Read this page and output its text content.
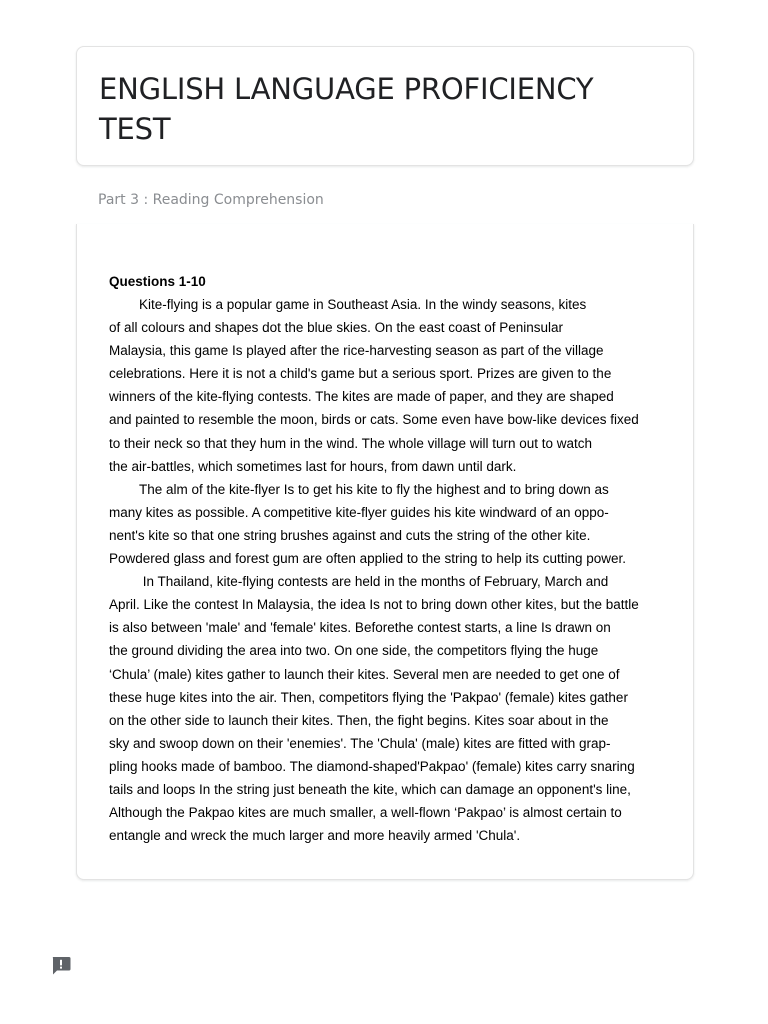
ENGLISH LANGUAGE PROFICIENCY TEST
Part 3 : Reading Comprehension
Questions 1-10
Kite-flying is a popular game in Southeast Asia. In the windy seasons, kites
of all colours and shapes dot the blue skies. On the east coast of Peninsular
Malaysia, this game Is played after the rice-harvesting season as part of the village
celebrations. Here it is not a child's game but a serious sport. Prizes are given to the
winners of the kite-flying contests. The kites are made of paper, and they are shaped
and painted to resemble the moon, birds or cats. Some even have bow-like devices fixed
to their neck so that they hum in the wind. The whole village will turn out to watch
the air-battles, which sometimes last for hours, from dawn until dark.
The alm of the kite-flyer Is to get his kite to fly the highest and to bring down as
many kites as possible. A competitive kite-flyer guides his kite windward of an oppo-
nent's kite so that one string brushes against and cuts the string of the other kite.
Powdered glass and forest gum are often applied to the string to help its cutting power.
In Thailand, kite-flying contests are held in the months of February, March and
April. Like the contest In Malaysia, the idea Is not to bring down other kites, but the battle
is also between 'male' and 'female' kites. Beforethe contest starts, a line Is drawn on
the ground dividing the area into two. On one side, the competitors flying the huge
‘Chula’ (male) kites gather to launch their kites. Several men are needed to get one of
these huge kites into the air. Then, competitors flying the 'Pakpao' (female) kites gather
on the other side to launch their kites. Then, the fight begins. Kites soar about in the
sky and swoop down on their 'enemies'. The 'Chula' (male) kites are fitted with grap-
pling hooks made of bamboo. The diamond-shaped'Pakpao' (female) kites carry snaring
tails and loops In the string just beneath the kite, which can damage an opponent's line,
Although the Pakpao kites are much smaller, a well-flown ‘Pakpao’ is almost certain to
entangle and wreck the much larger and more heavily armed 'Chula'.
